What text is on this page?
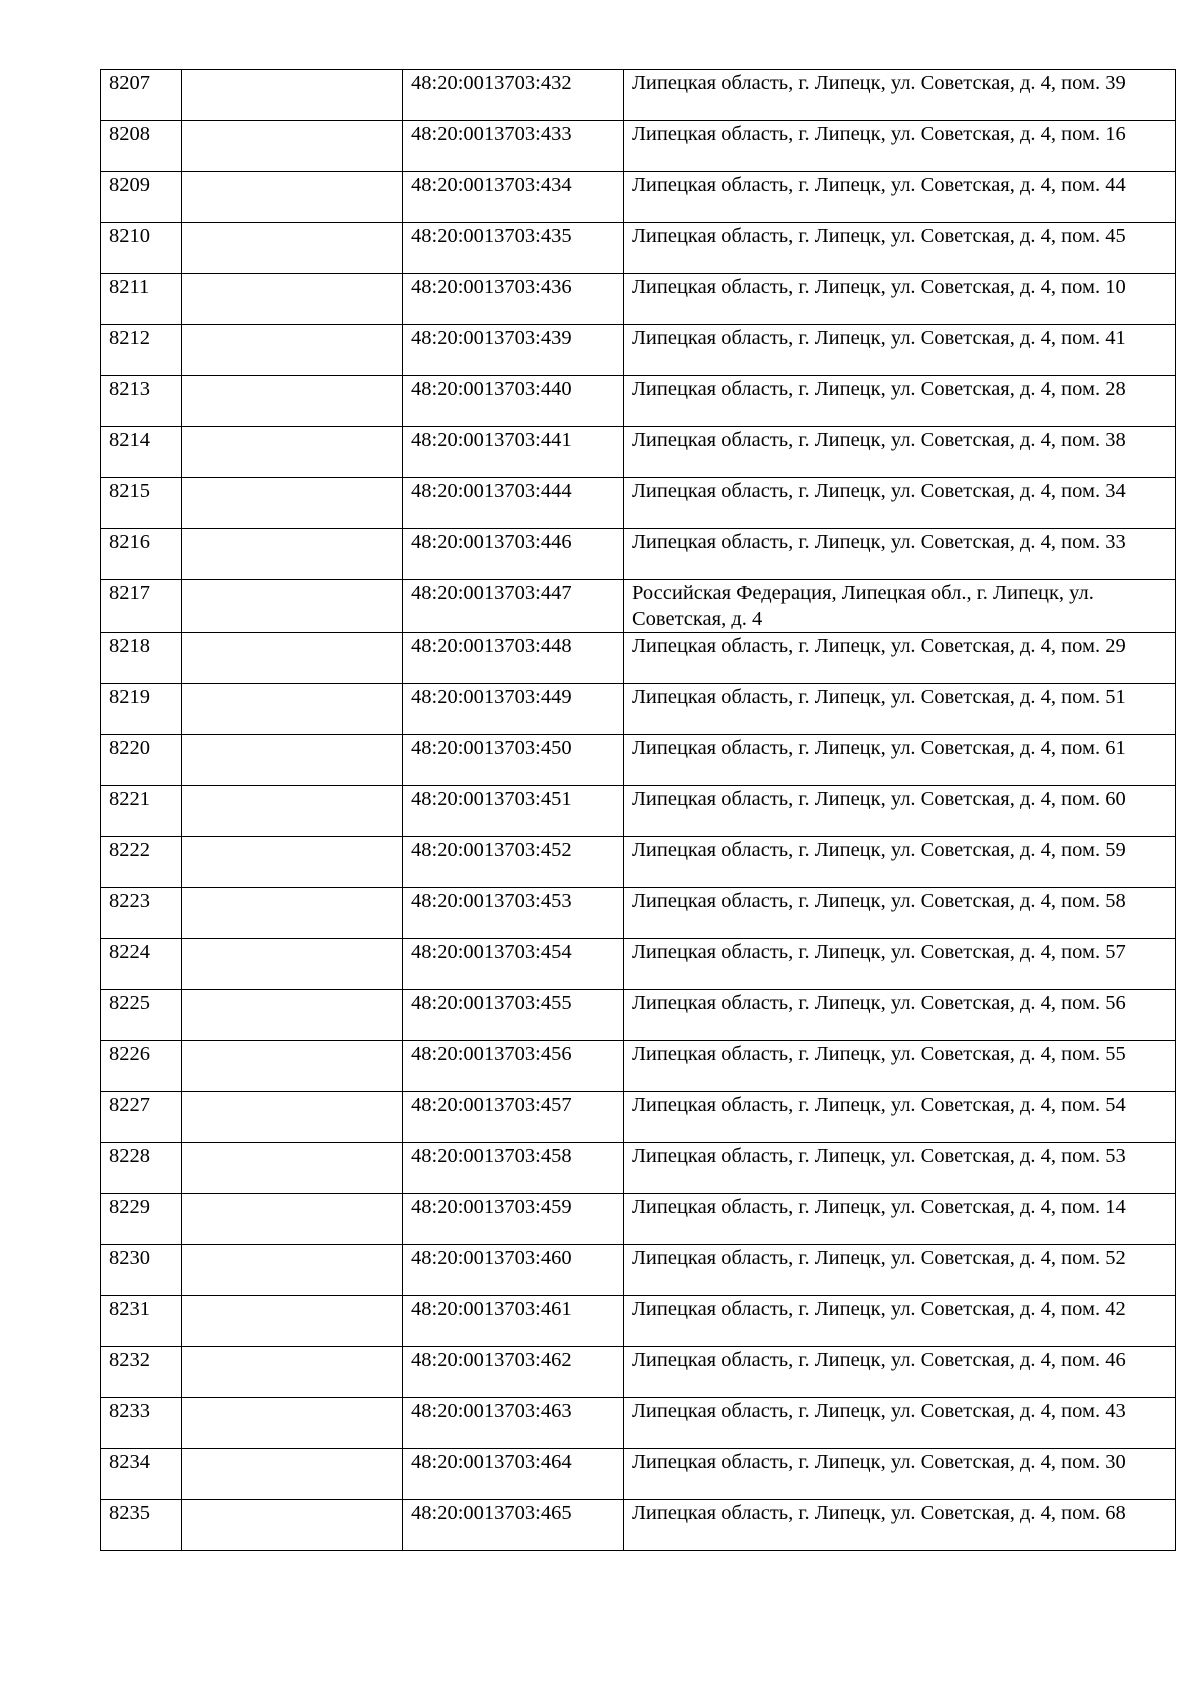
8207		48:20:0013703:432	Липецкая область, г. Липецк, ул. Советская, д. 4, пом. 39
8208		48:20:0013703:433	Липецкая область, г. Липецк, ул. Советская, д. 4, пом. 16
8209		48:20:0013703:434	Липецкая область, г. Липецк, ул. Советская, д. 4, пом. 44
8210		48:20:0013703:435	Липецкая область, г. Липецк, ул. Советская, д. 4, пом. 45
8211		48:20:0013703:436	Липецкая область, г. Липецк, ул. Советская, д. 4, пом. 10
8212		48:20:0013703:439	Липецкая область, г. Липецк, ул. Советская, д. 4, пом. 41
8213		48:20:0013703:440	Липецкая область, г. Липецк, ул. Советская, д. 4, пом. 28
8214		48:20:0013703:441	Липецкая область, г. Липецк, ул. Советская, д. 4, пом. 38
8215		48:20:0013703:444	Липецкая область, г. Липецк, ул. Советская, д. 4, пом. 34
8216		48:20:0013703:446	Липецкая область, г. Липецк, ул. Советская, д. 4, пом. 33
8217		48:20:0013703:447	Российская Федерация, Липецкая обл., г. Липецк, ул. Советская, д. 4
8218		48:20:0013703:448	Липецкая область, г. Липецк, ул. Советская, д. 4, пом. 29
8219		48:20:0013703:449	Липецкая область, г. Липецк, ул. Советская, д. 4, пом. 51
8220		48:20:0013703:450	Липецкая область, г. Липецк, ул. Советская, д. 4, пом. 61
8221		48:20:0013703:451	Липецкая область, г. Липецк, ул. Советская, д. 4, пом. 60
8222		48:20:0013703:452	Липецкая область, г. Липецк, ул. Советская, д. 4, пом. 59
8223		48:20:0013703:453	Липецкая область, г. Липецк, ул. Советская, д. 4, пом. 58
8224		48:20:0013703:454	Липецкая область, г. Липецк, ул. Советская, д. 4, пом. 57
8225		48:20:0013703:455	Липецкая область, г. Липецк, ул. Советская, д. 4, пом. 56
8226		48:20:0013703:456	Липецкая область, г. Липецк, ул. Советская, д. 4, пом. 55
8227		48:20:0013703:457	Липецкая область, г. Липецк, ул. Советская, д. 4, пом. 54
8228		48:20:0013703:458	Липецкая область, г. Липецк, ул. Советская, д. 4, пом. 53
8229		48:20:0013703:459	Липецкая область, г. Липецк, ул. Советская, д. 4, пом. 14
8230		48:20:0013703:460	Липецкая область, г. Липецк, ул. Советская, д. 4, пом. 52
8231		48:20:0013703:461	Липецкая область, г. Липецк, ул. Советская, д. 4, пом. 42
8232		48:20:0013703:462	Липецкая область, г. Липецк, ул. Советская, д. 4, пом. 46
8233		48:20:0013703:463	Липецкая область, г. Липецк, ул. Советская, д. 4, пом. 43
8234		48:20:0013703:464	Липецкая область, г. Липецк, ул. Советская, д. 4, пом. 30
8235		48:20:0013703:465	Липецкая область, г. Липецк, ул. Советская, д. 4, пом. 68
